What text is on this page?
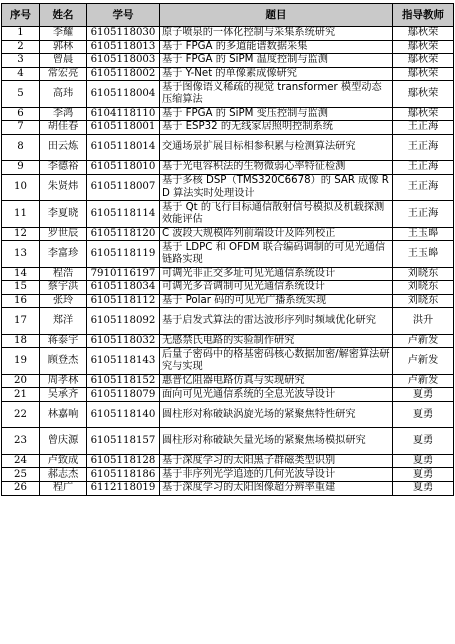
序号	姓名	学号	题目	指导教师
1	李耀	6105118030	原子喷泉的一体化控制与采集系统研究	鄢秋荣
2	郭林	6105118013	基于 FPGA 的多道能谱数据采集	鄢秋荣
3	曾晨	6105118003	基于 FPGA 的 SiPM 温度控制与监测	鄢秋荣
4	常宏亮	6105118002	基于 Y-Net 的单像素成像研究	鄢秋荣
5	高玮	6105118004	基于图像语义稀疏的视觉 transformer 模型动态压缩算法	鄢秋荣
6	李鸿	6104118110	基于 FPGA 的 SiPM 变压控制与监测	鄢秋荣
7	胡佳春	6105118001	基于 ESP32 的无线家居照明控制系统	王正海
8	田云炼	6105118014	交通场景扩展目标相参积累与检测算法研究	王正海
9	李德裕	6105118010	基于光电容积法的生物微弱心率特征检测	王正海
10	朱贤炜	6105118007	基于多核 DSP（TMS320C6678）的 SAR 成像 RD 算法实时处理设计	王正海
11	李夏晓	6105118114	基于 Qt 的飞行目标通信散射信号模拟及机载探测效能评估	王正海
12	罗世辰	6105118120	C 波段大规模阵列前端设计及阵列校正	王玉皞
13	李富珍	6105118119	基于 LDPC 和 OFDM 联合编码调制的可见光通信链路实现	王玉皞
14	程浩	7910116197	可调光非正交多址可见光通信系统设计	刘晓东
15	蔡宇洪	6105118034	可调光多音调制可见光通信系统设计	刘晓东
16	张玲	6105118112	基于 Polar 码的可见光广播系统实现	刘晓东
17	郑洋	6105118092	基于启发式算法的雷达波形序列时频域优化研究	洪升
18	蒋泰宇	6105118032	无感禁氏电路的实验制作研究	卢新发
19	顾登杰	6105118143	后量子密码中的格基密码核心数据加密/解密算法研究与实现	卢新发
20	周孝林	6105118152	惠普忆阻器电路仿真与实现研究	卢新发
21	吴承齐	6105118079	面向可见光通信系统的全息光波导设计	夏勇
22	林嘉响	6105118140	圆柱形对称破缺涡旋光场的紧聚焦特性研究	夏勇
23	曾庆源	6105118157	圆柱形对称破缺矢量光场的紧聚焦场模拟研究	夏勇
24	卢致成	6105118128	基于深度学习的太阳黑子群磁类型识别	夏勇
25	郝志杰	6105118186	基于非序列光学追迹的几何光波导设计	夏勇
26	程广	6112118019	基于深度学习的太阳图像超分辨率重建	夏勇
